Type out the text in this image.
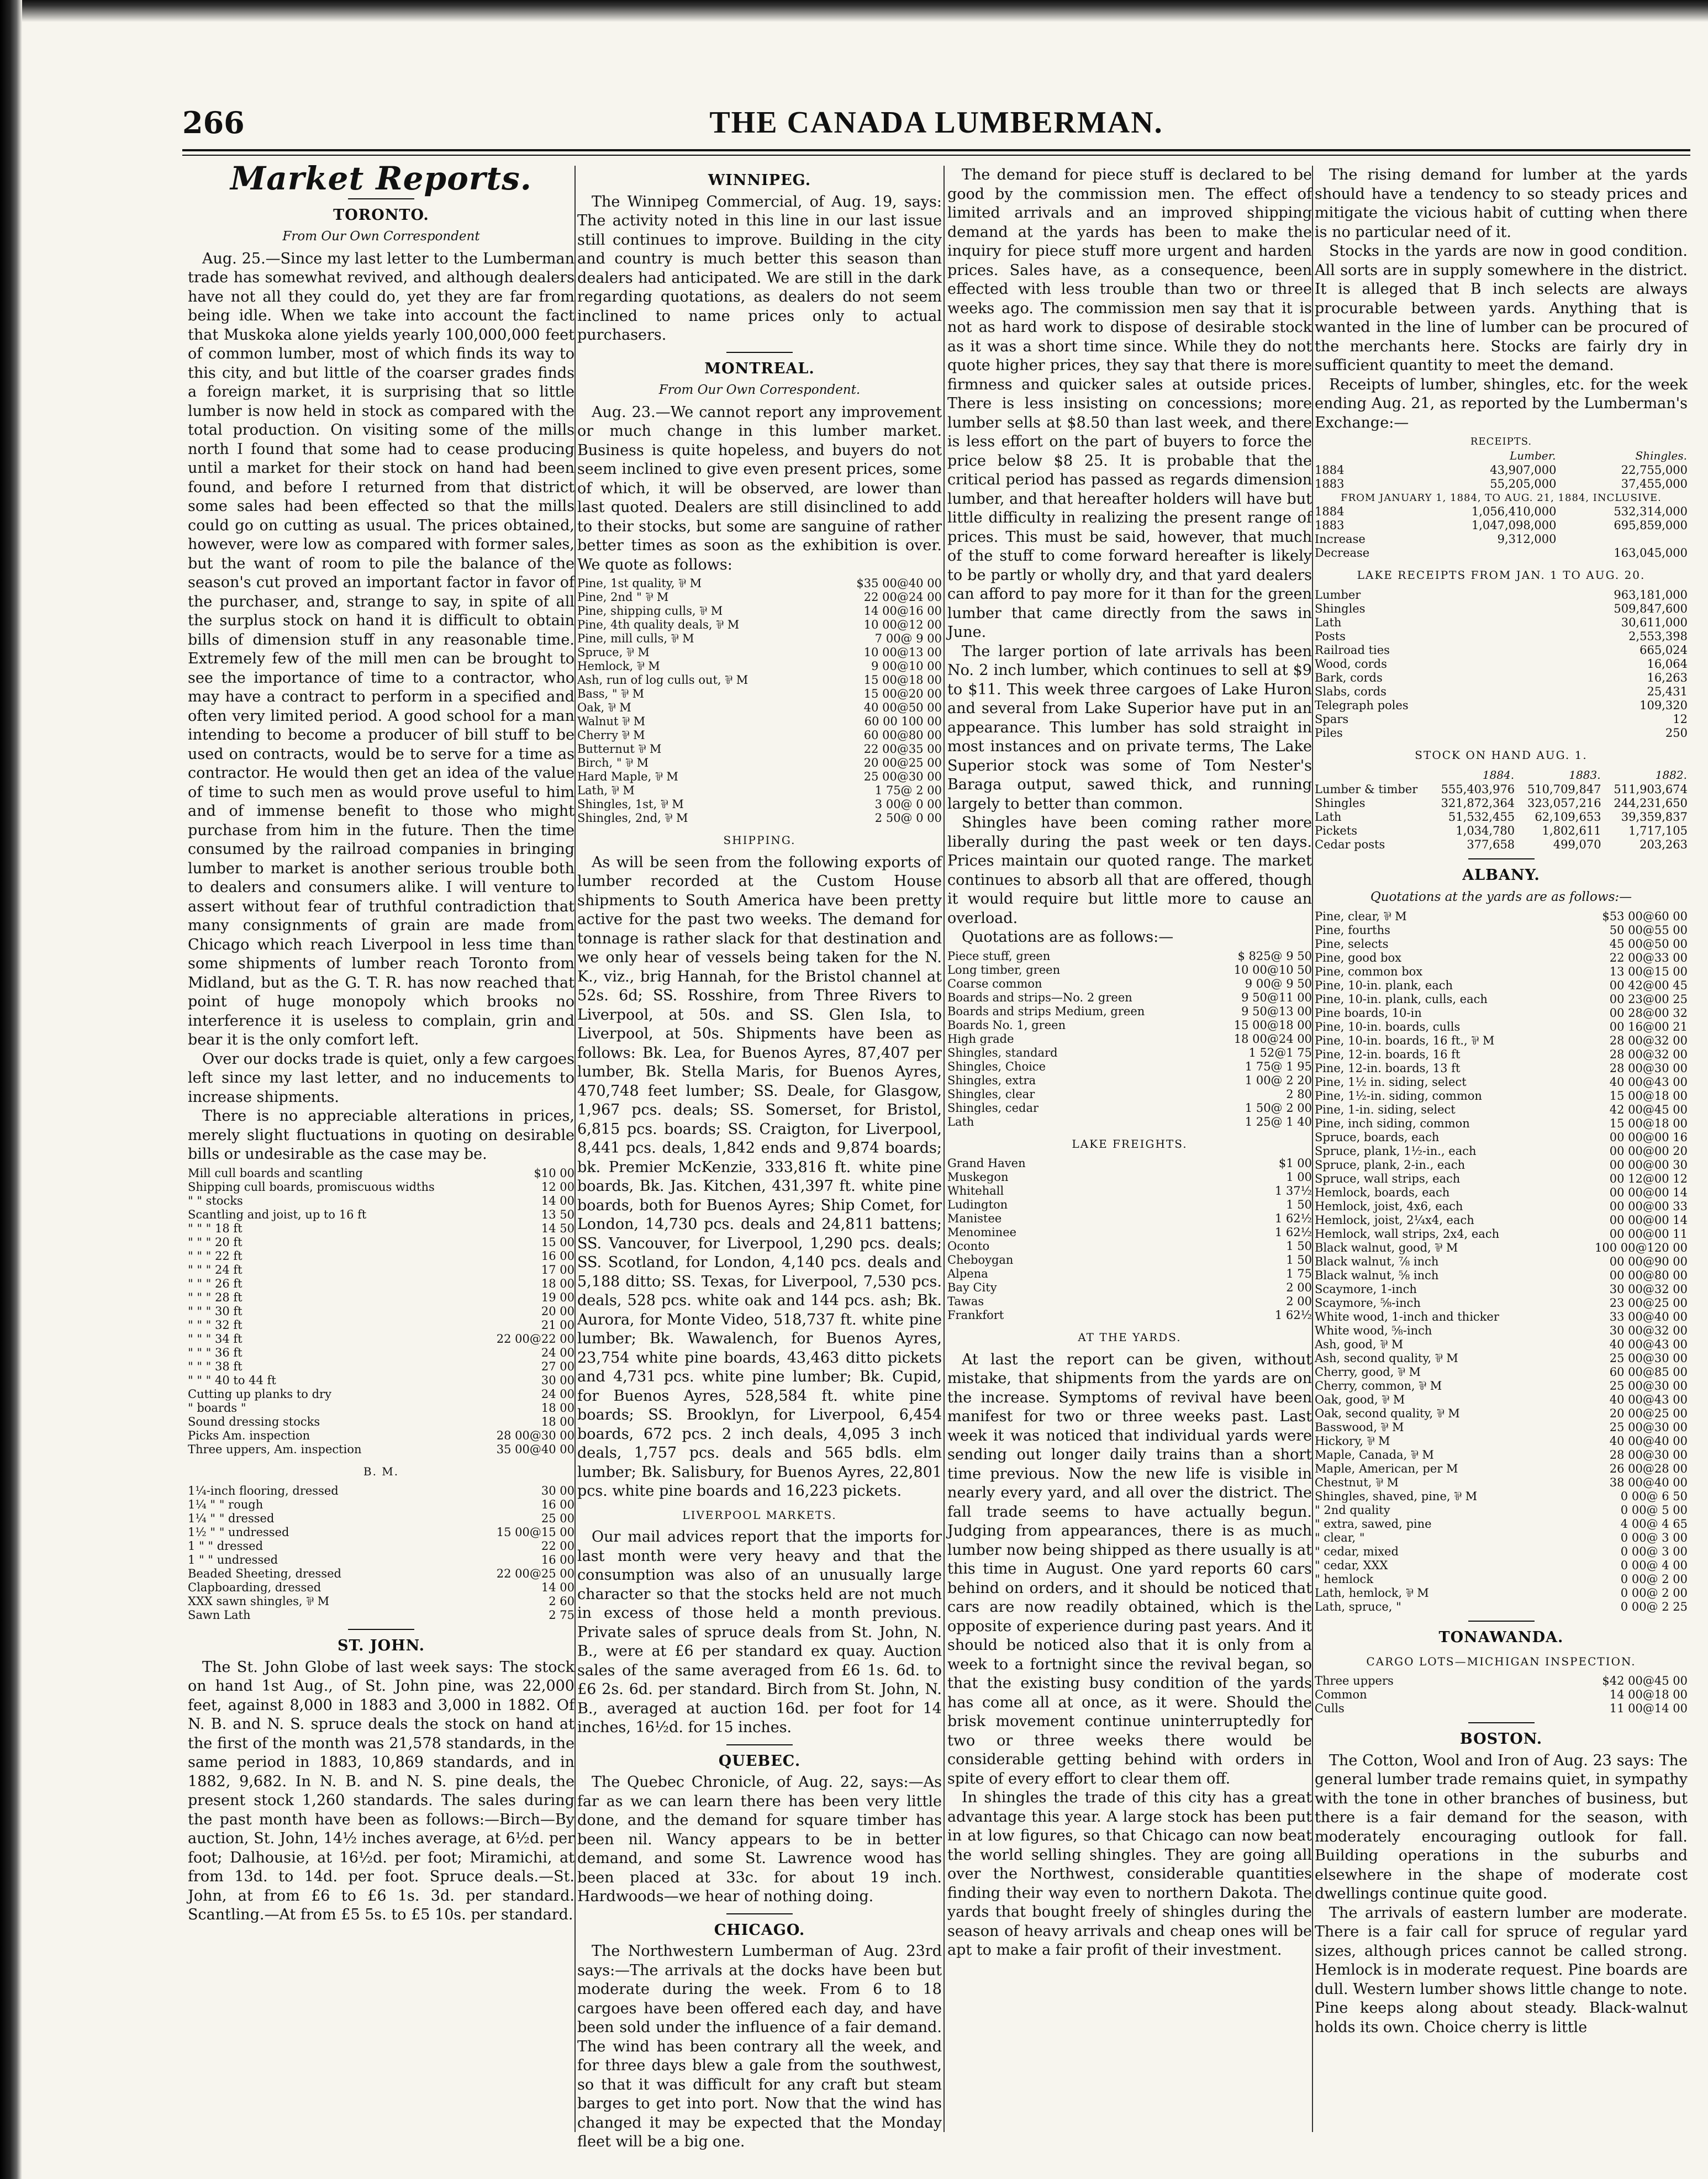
266	THE CANADA LUMBERMAN.
Market Reports.
TORONTO.
From Our Own Correspondent

Aug. 25.—Since my last letter to the Lumberman trade has somewhat revived, and although dealers have not all they could do, yet they are far from being idle. When we take into account the fact that Muskoka alone yields yearly 100,000,000 feet of common lumber, most of which finds its way to this city, and but little of the coarser grades finds a foreign market, it is surprising that so little lumber is now held in stock as compared with the total production. On visiting some of the mills north I found that some had to cease producing until a market for their stock on hand had been found, and before I returned from that district some sales had been effected so that the mills could go on cutting as usual. The prices obtained, however, were low as compared with former sales, but the want of room to pile the balance of the season's cut proved an important factor in favor of the purchaser, and, strange to say, in spite of all the surplus stock on hand it is difficult to obtain bills of dimension stuff in any reasonable time. Extremely few of the mill men can be brought to see the importance of time to a contractor, who may have a contract to perform in a specified and often very limited period. A good school for a man intending to become a producer of bill stuff to be used on contracts, would be to serve for a time as contractor. He would then get an idea of the value of time to such men as would prove useful to him and of immense benefit to those who might purchase from him in the future. Then the time consumed by the railroad companies in bringing lumber to market is another serious trouble both to dealers and consumers alike. I will venture to assert without fear of truthful contradiction that many consignments of grain are made from Chicago which reach Liverpool in less time than some shipments of lumber reach Toronto from Midland, but as the G. T. R. has now reached that point of huge monopoly which brooks no interference it is useless to complain, grin and bear it is the only comfort left.

Over our docks trade is quiet, only a few cargoes left since my last letter, and no inducements to increase shipments.

There is no appreciable alterations in prices, merely slight fluctuations in quoting on desirable bills or undesirable as the case may be.

Mill cull boards and scantling	$10 00
Shipping cull boards, promiscuous widths	12 00
" " stocks	14 00
Scantling and joist, up to 16 ft	13 50
" " " 18 ft	14 50
" " " 20 ft	15 00
" " " 22 ft	16 00
" " " 24 ft	17 00
" " " 26 ft	18 00
" " " 28 ft	19 00
" " " 30 ft	20 00
" " " 32 ft	21 00
" " " 34 ft	22 00@22 00
" " " 36 ft	24 00
" " " 38 ft	27 00
" " " 40 to 44 ft	30 00
Cutting up planks to dry	24 00
" boards "	18 00
Sound dressing stocks	18 00
Picks Am. inspection	28 00@30 00
Three uppers, Am. inspection	35 00@40 00
B. M.
1¼-inch flooring, dressed	30 00
1¼ " " rough	16 00
1¼ " " dressed	25 00
1½ " " undressed	15 00@15 00
1 " " dressed	22 00
1 " " undressed	16 00
Beaded Sheeting, dressed	22 00@25 00
Clapboarding, dressed	14 00
XXX sawn shingles, ⅌ M	2 60
Sawn Lath	2 75
ST. JOHN.

The St. John Globe of last week says: The stock on hand 1st Aug., of St. John pine, was 22,000 feet, against 8,000 in 1883 and 3,000 in 1882. Of N. B. and N. S. spruce deals the stock on hand at the first of the month was 21,578 standards, in the same period in 1883, 10,869 standards, and in 1882, 9,682. In N. B. and N. S. pine deals, the present stock 1,260 standards. The sales during the past month have been as follows:—Birch—By auction, St. John, 14½ inches average, at 6½d. per foot; Dalhousie, at 16½d. per foot; Miramichi, at from 13d. to 14d. per foot. Spruce deals.—St. John, at from £6 to £6 1s. 3d. per standard. Scantling.—At from £5 5s. to £5 10s. per standard.

WINNIPEG.

The Winnipeg Commercial, of Aug. 19, says: The activity noted in this line in our last issue still continues to improve. Building in the city and country is much better this season than dealers had anticipated. We are still in the dark regarding quotations, as dealers do not seem inclined to name prices only to actual purchasers.

MONTREAL.
From Our Own Correspondent.

Aug. 23.—We cannot report any improvement or much change in this lumber market. Business is quite hopeless, and buyers do not seem inclined to give even present prices, some of which, it will be observed, are lower than last quoted. Dealers are still disinclined to add to their stocks, but some are sanguine of rather better times as soon as the exhibition is over. We quote as follows:

Pine, 1st quality, ⅌ M	$35 00@40 00
Pine, 2nd " ⅌ M	22 00@24 00
Pine, shipping culls, ⅌ M	14 00@16 00
Pine, 4th quality deals, ⅌ M	10 00@12 00
Pine, mill culls, ⅌ M	7 00@ 9 00
Spruce, ⅌ M	10 00@13 00
Hemlock, ⅌ M	9 00@10 00
Ash, run of log culls out, ⅌ M	15 00@18 00
Bass, " ⅌ M	15 00@20 00
Oak, ⅌ M	40 00@50 00
Walnut ⅌ M	60 00 100 00
Cherry ⅌ M	60 00@80 00
Butternut ⅌ M	22 00@35 00
Birch, " ⅌ M	20 00@25 00
Hard Maple, ⅌ M	25 00@30 00
Lath, ⅌ M	1 75@ 2 00
Shingles, 1st, ⅌ M	3 00@ 0 00
Shingles, 2nd, ⅌ M	2 50@ 0 00
SHIPPING.

As will be seen from the following exports of lumber recorded at the Custom House shipments to South America have been pretty active for the past two weeks. The demand for tonnage is rather slack for that destination and we only hear of vessels being taken for the N. K., viz., brig Hannah, for the Bristol channel at 52s. 6d; SS. Rosshire, from Three Rivers to Liverpool, at 50s. and SS. Glen Isla, to Liverpool, at 50s. Shipments have been as follows: Bk. Lea, for Buenos Ayres, 87,407 per lumber, Bk. Stella Maris, for Buenos Ayres, 470,748 feet lumber; SS. Deale, for Glasgow, 1,967 pcs. deals; SS. Somerset, for Bristol, 6,815 pcs. boards; SS. Craigton, for Liverpool, 8,441 pcs. deals, 1,842 ends and 9,874 boards; bk. Premier McKenzie, 333,816 ft. white pine boards, Bk. Jas. Kitchen, 431,397 ft. white pine boards, both for Buenos Ayres; Ship Comet, for London, 14,730 pcs. deals and 24,811 battens; SS. Vancouver, for Liverpool, 1,290 pcs. deals; SS. Scotland, for London, 4,140 pcs. deals and 5,188 ditto; SS. Texas, for Liverpool, 7,530 pcs. deals, 528 pcs. white oak and 144 pcs. ash; Bk. Aurora, for Monte Video, 518,737 ft. white pine lumber; Bk. Wawalench, for Buenos Ayres, 23,754 white pine boards, 43,463 ditto pickets and 4,731 pcs. white pine lumber; Bk. Cupid, for Buenos Ayres, 528,584 ft. white pine boards; SS. Brooklyn, for Liverpool, 6,454 boards, 672 pcs. 2 inch deals, 4,095 3 inch deals, 1,757 pcs. deals and 565 bdls. elm lumber; Bk. Salisbury, for Buenos Ayres, 22,801 pcs. white pine boards and 16,223 pickets.

LIVERPOOL MARKETS.

Our mail advices report that the imports for last month were very heavy and that the consumption was also of an unusually large character so that the stocks held are not much in excess of those held a month previous. Private sales of spruce deals from St. John, N. B., were at £6 per standard ex quay. Auction sales of the same averaged from £6 1s. 6d. to £6 2s. 6d. per standard. Birch from St. John, N. B., averaged at auction 16d. per foot for 14 inches, 16½d. for 15 inches.

QUEBEC.

The Quebec Chronicle, of Aug. 22, says:—As far as we can learn there has been very little done, and the demand for square timber has been nil. Wancy appears to be in better demand, and some St. Lawrence wood has been placed at 33c. for about 19 inch. Hardwoods—we hear of nothing doing.

CHICAGO.

The Northwestern Lumberman of Aug. 23rd says:—The arrivals at the docks have been but moderate during the week. From 6 to 18 cargoes have been offered each day, and have been sold under the influence of a fair demand. The wind has been contrary all the week, and for three days blew a gale from the southwest, so that it was difficult for any craft but steam barges to get into port. Now that the wind has changed it may be expected that the Monday fleet will be a big one.

The demand for piece stuff is declared to be good by the commission men. The effect of limited arrivals and an improved shipping demand at the yards has been to make the inquiry for piece stuff more urgent and harden prices. Sales have, as a consequence, been effected with less trouble than two or three weeks ago. The commission men say that it is not as hard work to dispose of desirable stock as it was a short time since. While they do not quote higher prices, they say that there is more firmness and quicker sales at outside prices. There is less insisting on concessions; more lumber sells at $8.50 than last week, and there is less effort on the part of buyers to force the price below $8 25. It is probable that the critical period has passed as regards dimension lumber, and that hereafter holders will have but little difficulty in realizing the present range of prices. This must be said, however, that much of the stuff to come forward hereafter is likely to be partly or wholly dry, and that yard dealers can afford to pay more for it than for the green lumber that came directly from the saws in June.

The larger portion of late arrivals has been No. 2 inch lumber, which continues to sell at $9 to $11. This week three cargoes of Lake Huron and several from Lake Superior have put in an appearance. This lumber has sold straight in most instances and on private terms, The Lake Superior stock was some of Tom Nester's Baraga output, sawed thick, and running largely to better than common.

Shingles have been coming rather more liberally during the past week or ten days. Prices maintain our quoted range. The market continues to absorb all that are offered, though it would require but little more to cause an overload.

Quotations are as follows:—

Piece stuff, green	$ 825@ 9 50
Long timber, green	10 00@10 50
Coarse common	9 00@ 9 50
Boards and strips—No. 2 green	9 50@11 00
Boards and strips Medium, green	9 50@13 00
Boards No. 1, green	15 00@18 00
High grade	18 00@24 00
Shingles, standard	1 52@1 75
Shingles, Choice	1 75@ 1 95
Shingles, extra	1 00@ 2 20
Shingles, clear	2 80
Shingles, cedar	1 50@ 2 00
Lath	1 25@ 1 40
LAKE FREIGHTS.
Grand Haven	$1 00
Muskegon	1 00
Whitehall	1 37½
Ludington	1 50
Manistee	1 62½
Menominee	1 62½
Oconto	1 50
Cheboygan	1 50
Alpena	1 75
Bay City	2 00
Tawas	2 00
Frankfort	1 62½
AT THE YARDS.

At last the report can be given, without mistake, that shipments from the yards are on the increase. Symptoms of revival have been manifest for two or three weeks past. Last week it was noticed that individual yards were sending out longer daily trains than a short time previous. Now the new life is visible in nearly every yard, and all over the district. The fall trade seems to have actually begun. Judging from appearances, there is as much lumber now being shipped as there usually is at this time in August. One yard reports 60 cars behind on orders, and it should be noticed that cars are now readily obtained, which is the opposite of experience during past years. And it should be noticed also that it is only from a week to a fortnight since the revival began, so that the existing busy condition of the yards has come all at once, as it were. Should the brisk movement continue uninterruptedly for two or three weeks there would be considerable getting behind with orders in spite of every effort to clear them off.

In shingles the trade of this city has a great advantage this year. A large stock has been put in at low figures, so that Chicago can now beat the world selling shingles. They are going all over the Northwest, considerable quantities finding their way even to northern Dakota. The yards that bought freely of shingles during the season of heavy arrivals and cheap ones will be apt to make a fair profit of their investment.

The rising demand for lumber at the yards should have a tendency to so steady prices and mitigate the vicious habit of cutting when there is no particular need of it.

Stocks in the yards are now in good condition. All sorts are in supply somewhere in the district. It is alleged that B inch selects are always procurable between yards. Anything that is wanted in the line of lumber can be procured of the merchants here. Stocks are fairly dry in sufficient quantity to meet the demand.

Receipts of lumber, shingles, etc. for the week ending Aug. 21, as reported by the Lumberman's Exchange:—

RECEIPTS.		
	Lumber.	Shingles.
1884	43,907,000	22,755,000
1883	55,205,000	37,455,000
FROM JANUARY 1, 1884, TO AUG. 21, 1884, INCLUSIVE.		
1884	1,056,410,000	532,314,000
1883	1,047,098,000	695,859,000
Increase	9,312,000	
Decrease		163,045,000
LAKE RECEIPTS FROM JAN. 1 TO AUG. 20.
Lumber	963,181,000
Shingles	509,847,600
Lath	30,611,000
Posts	2,553,398
Railroad ties	665,024
Wood, cords	16,064
Bark, cords	16,263
Slabs, cords	25,431
Telegraph poles	109,320
Spars	12
Piles	250
STOCK ON HAND AUG. 1.
	1884.	1883.	1882.
Lumber & timber	555,403,976	510,709,847	511,903,674
Shingles	321,872,364	323,057,216	244,231,650
Lath	51,532,455	62,109,653	39,359,837
Pickets	1,034,780	1,802,611	1,717,105
Cedar posts	377,658	499,070	203,263
ALBANY.
Quotations at the yards are as follows:—
Pine, clear, ⅌ M	$53 00@60 00
Pine, fourths	50 00@55 00
Pine, selects	45 00@50 00
Pine, good box	22 00@33 00
Pine, common box	13 00@15 00
Pine, 10-in. plank, each	00 42@00 45
Pine, 10-in. plank, culls, each	00 23@00 25
Pine boards, 10-in	00 28@00 32
Pine, 10-in. boards, culls	00 16@00 21
Pine, 10-in. boards, 16 ft., ⅌ M	28 00@32 00
Pine, 12-in. boards, 16 ft	28 00@32 00
Pine, 12-in. boards, 13 ft	28 00@30 00
Pine, 1½ in. siding, select	40 00@43 00
Pine, 1½-in. siding, common	15 00@18 00
Pine, 1-in. siding, select	42 00@45 00
Pine, inch siding, common	15 00@18 00
Spruce, boards, each	00 00@00 16
Spruce, plank, 1½-in., each	00 00@00 20
Spruce, plank, 2-in., each	00 00@00 30
Spruce, wall strips, each	00 12@00 12
Hemlock, boards, each	00 00@00 14
Hemlock, joist, 4x6, each	00 00@00 33
Hemlock, joist, 2¼x4, each	00 00@00 14
Hemlock, wall strips, 2x4, each	00 00@00 11
Black walnut, good, ⅌ M	100 00@120 00
Black walnut, ⅞ inch	00 00@90 00
Black walnut, ⅝ inch	00 00@80 00
Scaymore, 1-inch	30 00@32 00
Scaymore, ⅝-inch	23 00@25 00
White wood, 1-inch and thicker	33 00@40 00
White wood, ⅝-inch	30 00@32 00
Ash, good, ⅌ M	40 00@43 00
Ash, second quality, ⅌ M	25 00@30 00
Cherry, good, ⅌ M	60 00@85 00
Cherry, common, ⅌ M	25 00@30 00
Oak, good, ⅌ M	40 00@43 00
Oak, second quality, ⅌ M	20 00@25 00
Basswood, ⅌ M	25 00@30 00
Hickory, ⅌ M	40 00@40 00
Maple, Canada, ⅌ M	28 00@30 00
Maple, American, per M	26 00@28 00
Chestnut, ⅌ M	38 00@40 00
Shingles, shaved, pine, ⅌ M	0 00@ 6 50
" 2nd quality	0 00@ 5 00
" extra, sawed, pine	4 00@ 4 65
" clear, "	0 00@ 3 00
" cedar, mixed	0 00@ 3 00
" cedar, XXX	0 00@ 4 00
" hemlock	0 00@ 2 00
Lath, hemlock, ⅌ M	0 00@ 2 00
Lath, spruce, "	0 00@ 2 25
TONAWANDA.
CARGO LOTS—MICHIGAN INSPECTION.
Three uppers	$42 00@45 00
Common	14 00@18 00
Culls	11 00@14 00
BOSTON.

The Cotton, Wool and Iron of Aug. 23 says: The general lumber trade remains quiet, in sympathy with the tone in other branches of business, but there is a fair demand for the season, with moderately encouraging outlook for fall. Building operations in the suburbs and elsewhere in the shape of moderate cost dwellings continue quite good.

The arrivals of eastern lumber are moderate. There is a fair call for spruce of regular yard sizes, although prices cannot be called strong. Hemlock is in moderate request. Pine boards are dull. Western lumber shows little change to note. Pine keeps along about steady. Black-walnut holds its own. Choice cherry is little
